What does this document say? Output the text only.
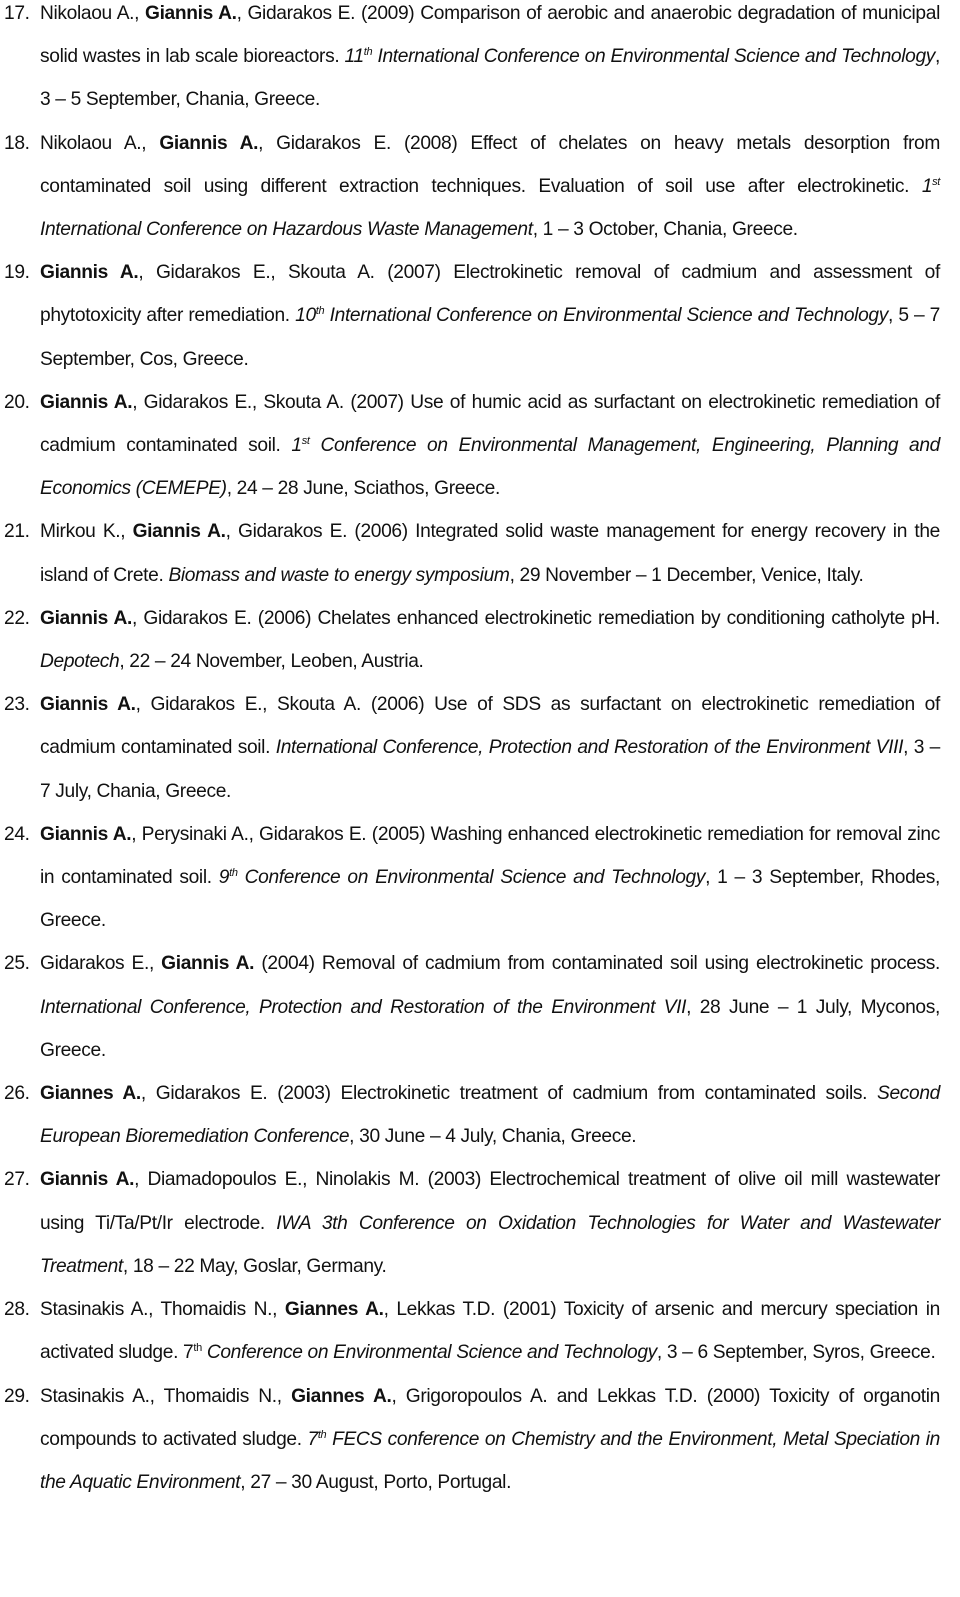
17. Nikolaou A., Giannis A., Gidarakos E. (2009) Comparison of aerobic and anaerobic degradation of municipal solid wastes in lab scale bioreactors. 11th International Conference on Environmental Science and Technology, 3 – 5 September, Chania, Greece.
18. Nikolaou A., Giannis A., Gidarakos E. (2008) Effect of chelates on heavy metals desorption from contaminated soil using different extraction techniques. Evaluation of soil use after electrokinetic. 1st International Conference on Hazardous Waste Management, 1 – 3 October, Chania, Greece.
19. Giannis A., Gidarakos E., Skouta A. (2007) Electrokinetic removal of cadmium and assessment of phytotoxicity after remediation. 10th International Conference on Environmental Science and Technology, 5 – 7 September, Cos, Greece.
20. Giannis A., Gidarakos E., Skouta A. (2007) Use of humic acid as surfactant on electrokinetic remediation of cadmium contaminated soil. 1st Conference on Environmental Management, Engineering, Planning and Economics (CEMEPE), 24 – 28 June, Sciathos, Greece.
21. Mirkou K., Giannis A., Gidarakos E. (2006) Integrated solid waste management for energy recovery in the island of Crete. Biomass and waste to energy symposium, 29 November – 1 December, Venice, Italy.
22. Giannis A., Gidarakos E. (2006) Chelates enhanced electrokinetic remediation by conditioning catholyte pH. Depotech, 22 – 24 November, Leoben, Austria.
23. Giannis A., Gidarakos E., Skouta A. (2006) Use of SDS as surfactant on electrokinetic remediation of cadmium contaminated soil. International Conference, Protection and Restoration of the Environment VIII, 3 – 7 July, Chania, Greece.
24. Giannis A., Perysinaki A., Gidarakos E. (2005) Washing enhanced electrokinetic remediation for removal zinc in contaminated soil. 9th Conference on Environmental Science and Technology, 1 – 3 September, Rhodes, Greece.
25. Gidarakos E., Giannis A. (2004) Removal of cadmium from contaminated soil using electrokinetic process. International Conference, Protection and Restoration of the Environment VII, 28 June – 1 July, Myconos, Greece.
26. Giannes A., Gidarakos E. (2003) Electrokinetic treatment of cadmium from contaminated soils. Second European Bioremediation Conference, 30 June – 4 July, Chania, Greece.
27. Giannis A., Diamadopoulos E., Ninolakis M. (2003) Electrochemical treatment of olive oil mill wastewater using Ti/Ta/Pt/Ir electrode. IWA 3th Conference on Oxidation Technologies for Water and Wastewater Treatment, 18 – 22 May, Goslar, Germany.
28. Stasinakis A., Thomaidis N., Giannes A., Lekkas T.D. (2001) Toxicity of arsenic and mercury speciation in activated sludge. 7th Conference on Environmental Science and Technology, 3 – 6 September, Syros, Greece.
29. Stasinakis A., Thomaidis N., Giannes A., Grigoropoulos A. and Lekkas T.D. (2000) Toxicity of organotin compounds to activated sludge. 7th FECS conference on Chemistry and the Environment, Metal Speciation in the Aquatic Environment, 27 – 30 August, Porto, Portugal.
